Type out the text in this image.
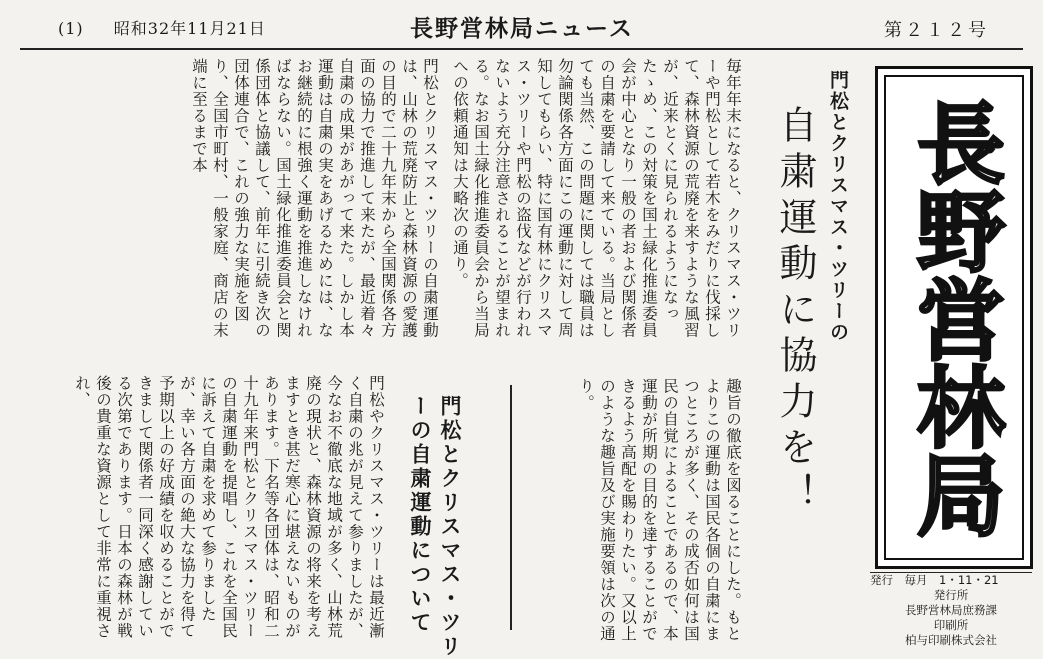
(1) 昭和32年11月21日	長野営林局ニュース	第２１２号
門松とクリスマス・ツリーの
自粛運動に協力を！
毎年年末になると、クリスマス・ツリーや門松として若木をみだりに伐採して、森林資源の荒廃を来すような風習が、近来とくに見られるようになったゝめ、この対策を国土緑化推進委員会が中心となり一般の者および関係者の自粛を要請して来ている。当局としても当然、この問題に関しては職員は勿論関係各方面にこの運動に対して周知してもらい、特に国有林にクリスマス・ツリーや門松の盗伐などが行われないよう充分注意されることが望まれる。なお国土緑化推進委員会から当局への依頼通知は大略次の通り。
門松とクリスマス・ツリーの自粛運動は、山林の荒廃防止と森林資源の愛護の目的で二十九年末から全国関係各方面の協力で推進して来たが、最近着々自粛の成果があがって来た。しかし本運動は自粛の実をあげるためには、なお継続的に根強く運動を推進しなければならない。国土緑化推進委員会と関係団体と協議して、前年に引続き次の団体連合で、これの強力な実施を図り、全国市町村、一般家庭、商店の末端に至るまで本
趣旨の徹底を図ることにした。もとよりこの運動は国民各個の自粛にまつところが多く、その成否如何は国民の自覚によることであるので、本運動が所期の目的を達することができるよう高配を賜わりたい。又以上のような趣旨及び実施要領は次の通り。
門松とクリスマス・ツリーの自粛運動について
門松やクリスマス・ツリーは最近漸く自粛の兆が見えて参りましたが、今なお不徹底な地域が多く、山林荒廃の現状と、森林資源の将来を考えますとき甚だ寒心に堪えないものがあります。下名等各団体は、昭和二十九年来門松とクリスマス・ツリーの自粛運動を提唱し、これを全国民に訴えて自粛を求めて参りましたが、幸い各方面の絶大な協力を得て予期以上の好成績を収めることができまして関係者一同深く感謝している次第であります。日本の森林が戦後の貴重な資源として非常に重視され、	長野営林局
発行　毎月　1・11・21
発行所
長野営林局庶務課
印刷所
柏与印刷株式会社
